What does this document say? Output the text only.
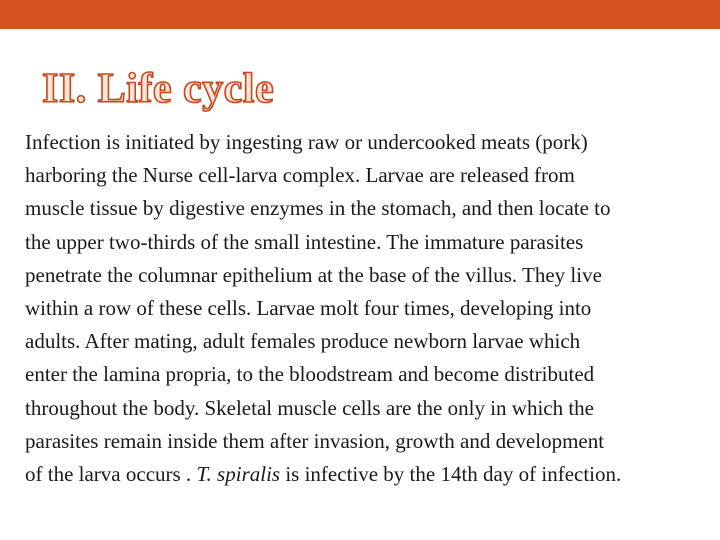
II. Life cycle
Infection is initiated by ingesting raw or undercooked meats (pork)
harboring the Nurse cell-larva complex. Larvae are released from
muscle tissue by digestive enzymes in the stomach, and then locate to
the upper two-thirds of the small intestine. The immature parasites
penetrate the columnar epithelium at the base of the villus. They live
within a row of these cells. Larvae molt four times, developing into
adults. After mating, adult females produce newborn larvae which
enter the lamina propria, to the bloodstream and become distributed
throughout the body. Skeletal muscle cells are the only in which the
parasites remain inside them after invasion, growth and development
of the larva occurs . T. spiralis is infective by the 14th day of infection.
